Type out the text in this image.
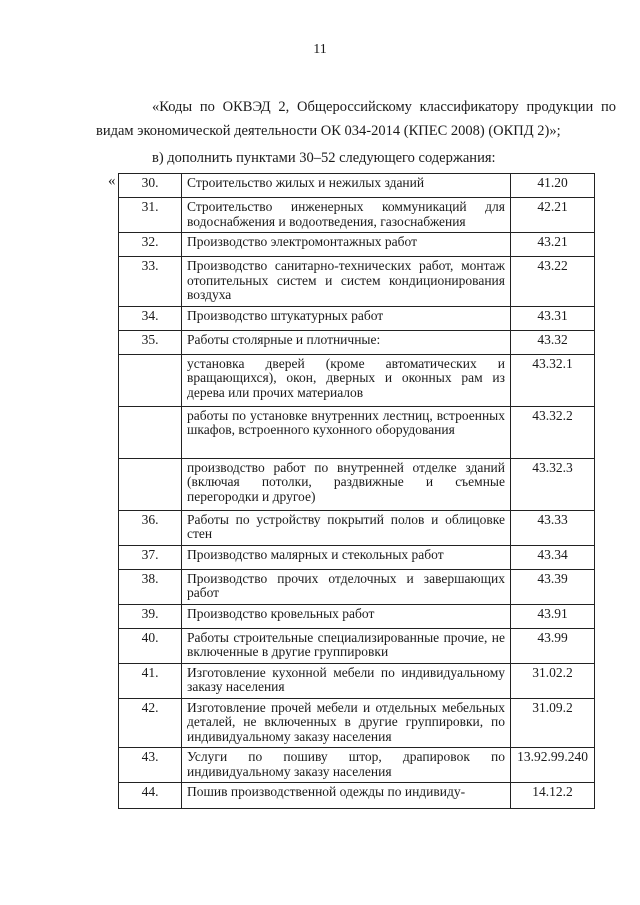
11
«Коды по ОКВЭД 2, Общероссийскому классификатору продукции по видам экономической деятельности ОК 034-2014 (КПЕС 2008) (ОКПД 2)»;
в) дополнить пунктами 30–52 следующего содержания:
« 30.	Строительство жилых и нежилых зданий	41.20
31.	Строительство инженерных коммуникаций для водоснабжения и водоотведения, газоснабжения	42.21
32.	Производство электромонтажных работ	43.21
33.	Производство санитарно-технических работ, монтаж отопительных систем и систем кондиционирования воздуха	43.22
34.	Производство штукатурных работ	43.31
35.	Работы столярные и плотничные:	43.32
	установка дверей (кроме автоматических и вращающихся), окон, дверных и оконных рам из дерева или прочих материалов	43.32.1
	работы по установке внутренних лестниц, встроенных шкафов, встроенного кухонного оборудования	43.32.2
	производство работ по внутренней отделке зданий (включая потолки, раздвижные и съемные перегородки и другое)	43.32.3
36.	Работы по устройству покрытий полов и облицовке стен	43.33
37.	Производство малярных и стекольных работ	43.34
38.	Производство прочих отделочных и завершающих работ	43.39
39.	Производство кровельных работ	43.91
40.	Работы строительные специализированные прочие, не включенные в другие группировки	43.99
41.	Изготовление кухонной мебели по индивидуальному заказу населения	31.02.2
42.	Изготовление прочей мебели и отдельных мебельных деталей, не включенных в другие группировки, по индивидуальному заказу населения	31.09.2
43.	Услуги по пошиву штор, драпировок по индивидуальному заказу населения	13.92.99.240
44.	Пошив производственной одежды по индивиду-	14.12.2
